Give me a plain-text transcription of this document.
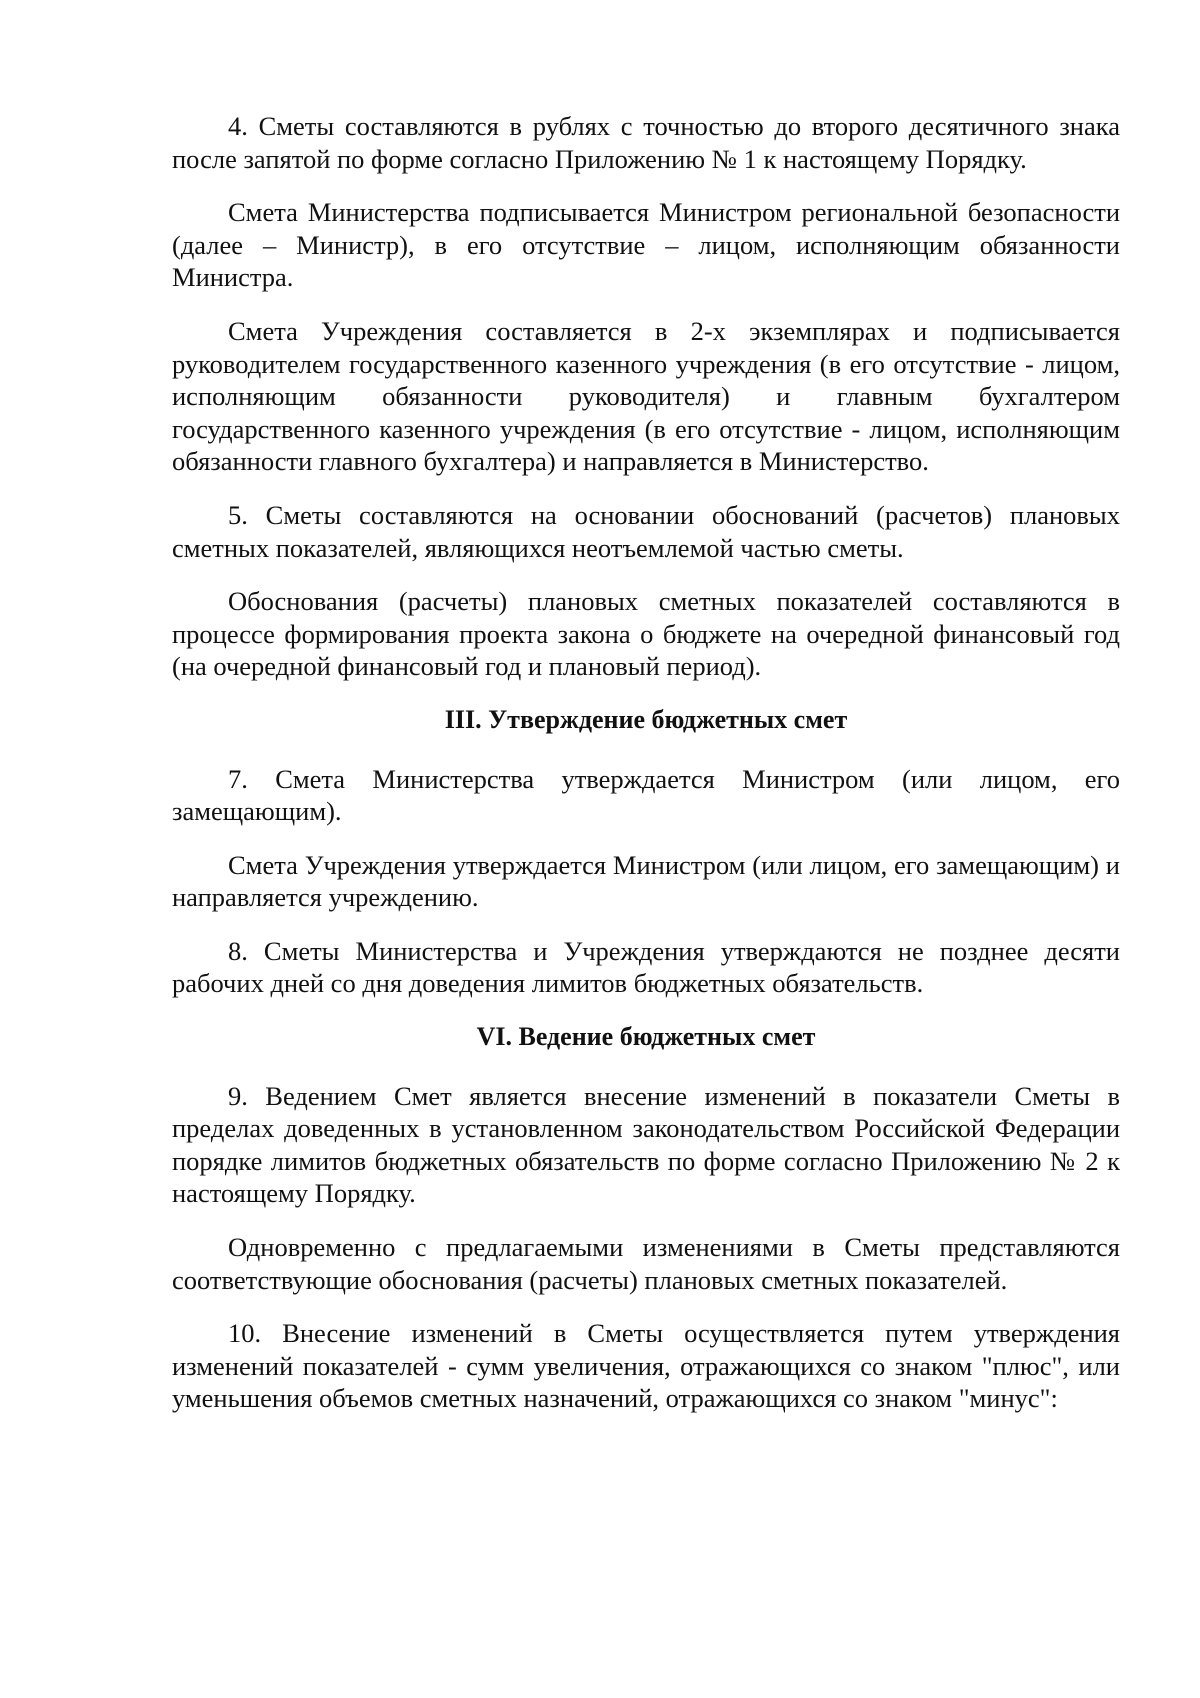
4. Сметы составляются в рублях с точностью до второго десятичного знака после запятой по форме согласно Приложению № 1 к настоящему Порядку.

Смета Министерства подписывается Министром региональной безопасности (далее – Министр), в его отсутствие – лицом, исполняющим обязанности Министра.

Смета Учреждения составляется в 2-х экземплярах и подписывается руководителем государственного казенного учреждения (в его отсутствие - лицом, исполняющим обязанности руководителя) и главным бухгалтером государственного казенного учреждения (в его отсутствие - лицом, исполняющим обязанности главного бухгалтера) и направляется в Министерство.

5. Сметы составляются на основании обоснований (расчетов) плановых сметных показателей, являющихся неотъемлемой частью сметы.

Обоснования (расчеты) плановых сметных показателей составляются в процессе формирования проекта закона о бюджете на очередной финансовый год (на очередной финансовый год и плановый период).

III. Утверждение бюджетных смет

7. Смета Министерства утверждается Министром (или лицом, его замещающим).

Смета Учреждения утверждается Министром (или лицом, его замещающим) и направляется учреждению.

8. Сметы Министерства и Учреждения утверждаются не позднее десяти рабочих дней со дня доведения лимитов бюджетных обязательств.

VI. Ведение бюджетных смет

9. Ведением Смет является внесение изменений в показатели Сметы в пределах доведенных в установленном законодательством Российской Федерации порядке лимитов бюджетных обязательств по форме согласно Приложению № 2 к настоящему Порядку.

Одновременно с предлагаемыми изменениями в Сметы представляются соответствующие обоснования (расчеты) плановых сметных показателей.

10. Внесение изменений в Сметы осуществляется путем утверждения изменений показателей - сумм увеличения, отражающихся со знаком "плюс", или уменьшения объемов сметных назначений, отражающихся со знаком "минус":
